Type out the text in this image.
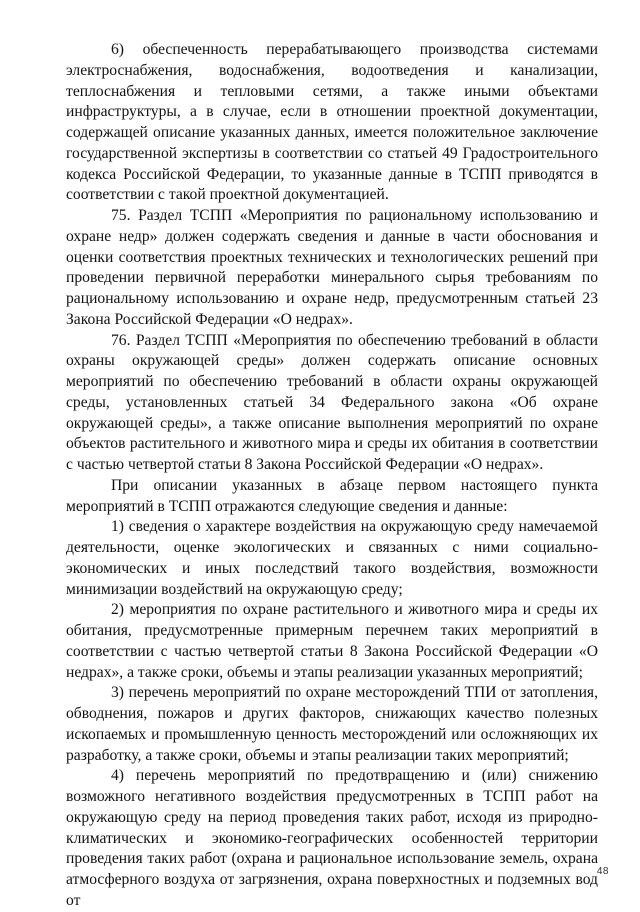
6) обеспеченность перерабатывающего производства системами электроснабжения, водоснабжения, водоотведения и канализации, теплоснабжения и тепловыми сетями, а также иными объектами инфраструктуры, а в случае, если в отношении проектной документации, содержащей описание указанных данных, имеется положительное заключение государственной экспертизы в соответствии со статьей 49 Градостроительного кодекса Российской Федерации, то указанные данные в ТСПП приводятся в соответствии с такой проектной документацией.

75. Раздел ТСПП «Мероприятия по рациональному использованию и охране недр» должен содержать сведения и данные в части обоснования и оценки соответствия проектных технических и технологических решений при проведении первичной переработки минерального сырья требованиям по рациональному использованию и охране недр, предусмотренным статьей 23 Закона Российской Федерации «О недрах».

76. Раздел ТСПП «Мероприятия по обеспечению требований в области охраны окружающей среды» должен содержать описание основных мероприятий по обеспечению требований в области охраны окружающей среды, установленных статьей 34 Федерального закона «Об охране окружающей среды», а также описание выполнения мероприятий по охране объектов растительного и животного мира и среды их обитания в соответствии с частью четвертой статьи 8 Закона Российской Федерации «О недрах».

При описании указанных в абзаце первом настоящего пункта мероприятий в ТСПП отражаются следующие сведения и данные:

1) сведения о характере воздействия на окружающую среду намечаемой деятельности, оценке экологических и связанных с ними социально-экономических и иных последствий такого воздействия, возможности минимизации воздействий на окружающую среду;

2) мероприятия по охране растительного и животного мира и среды их обитания, предусмотренные примерным перечнем таких мероприятий в соответствии с частью четвертой статьи 8 Закона Российской Федерации «О недрах», а также сроки, объемы и этапы реализации указанных мероприятий;

3) перечень мероприятий по охране месторождений ТПИ от затопления, обводнения, пожаров и других факторов, снижающих качество полезных ископаемых и промышленную ценность месторождений или осложняющих их разработку, а также сроки, объемы и этапы реализации таких мероприятий;

4) перечень мероприятий по предотвращению и (или) снижению возможного негативного воздействия предусмотренных в ТСПП работ на окружающую среду на период проведения таких работ, исходя из природно-климатических и экономико-географических особенностей территории проведения таких работ (охрана и рациональное использование земель, охрана атмосферного воздуха от загрязнения, охрана поверхностных и подземных вод от

48
